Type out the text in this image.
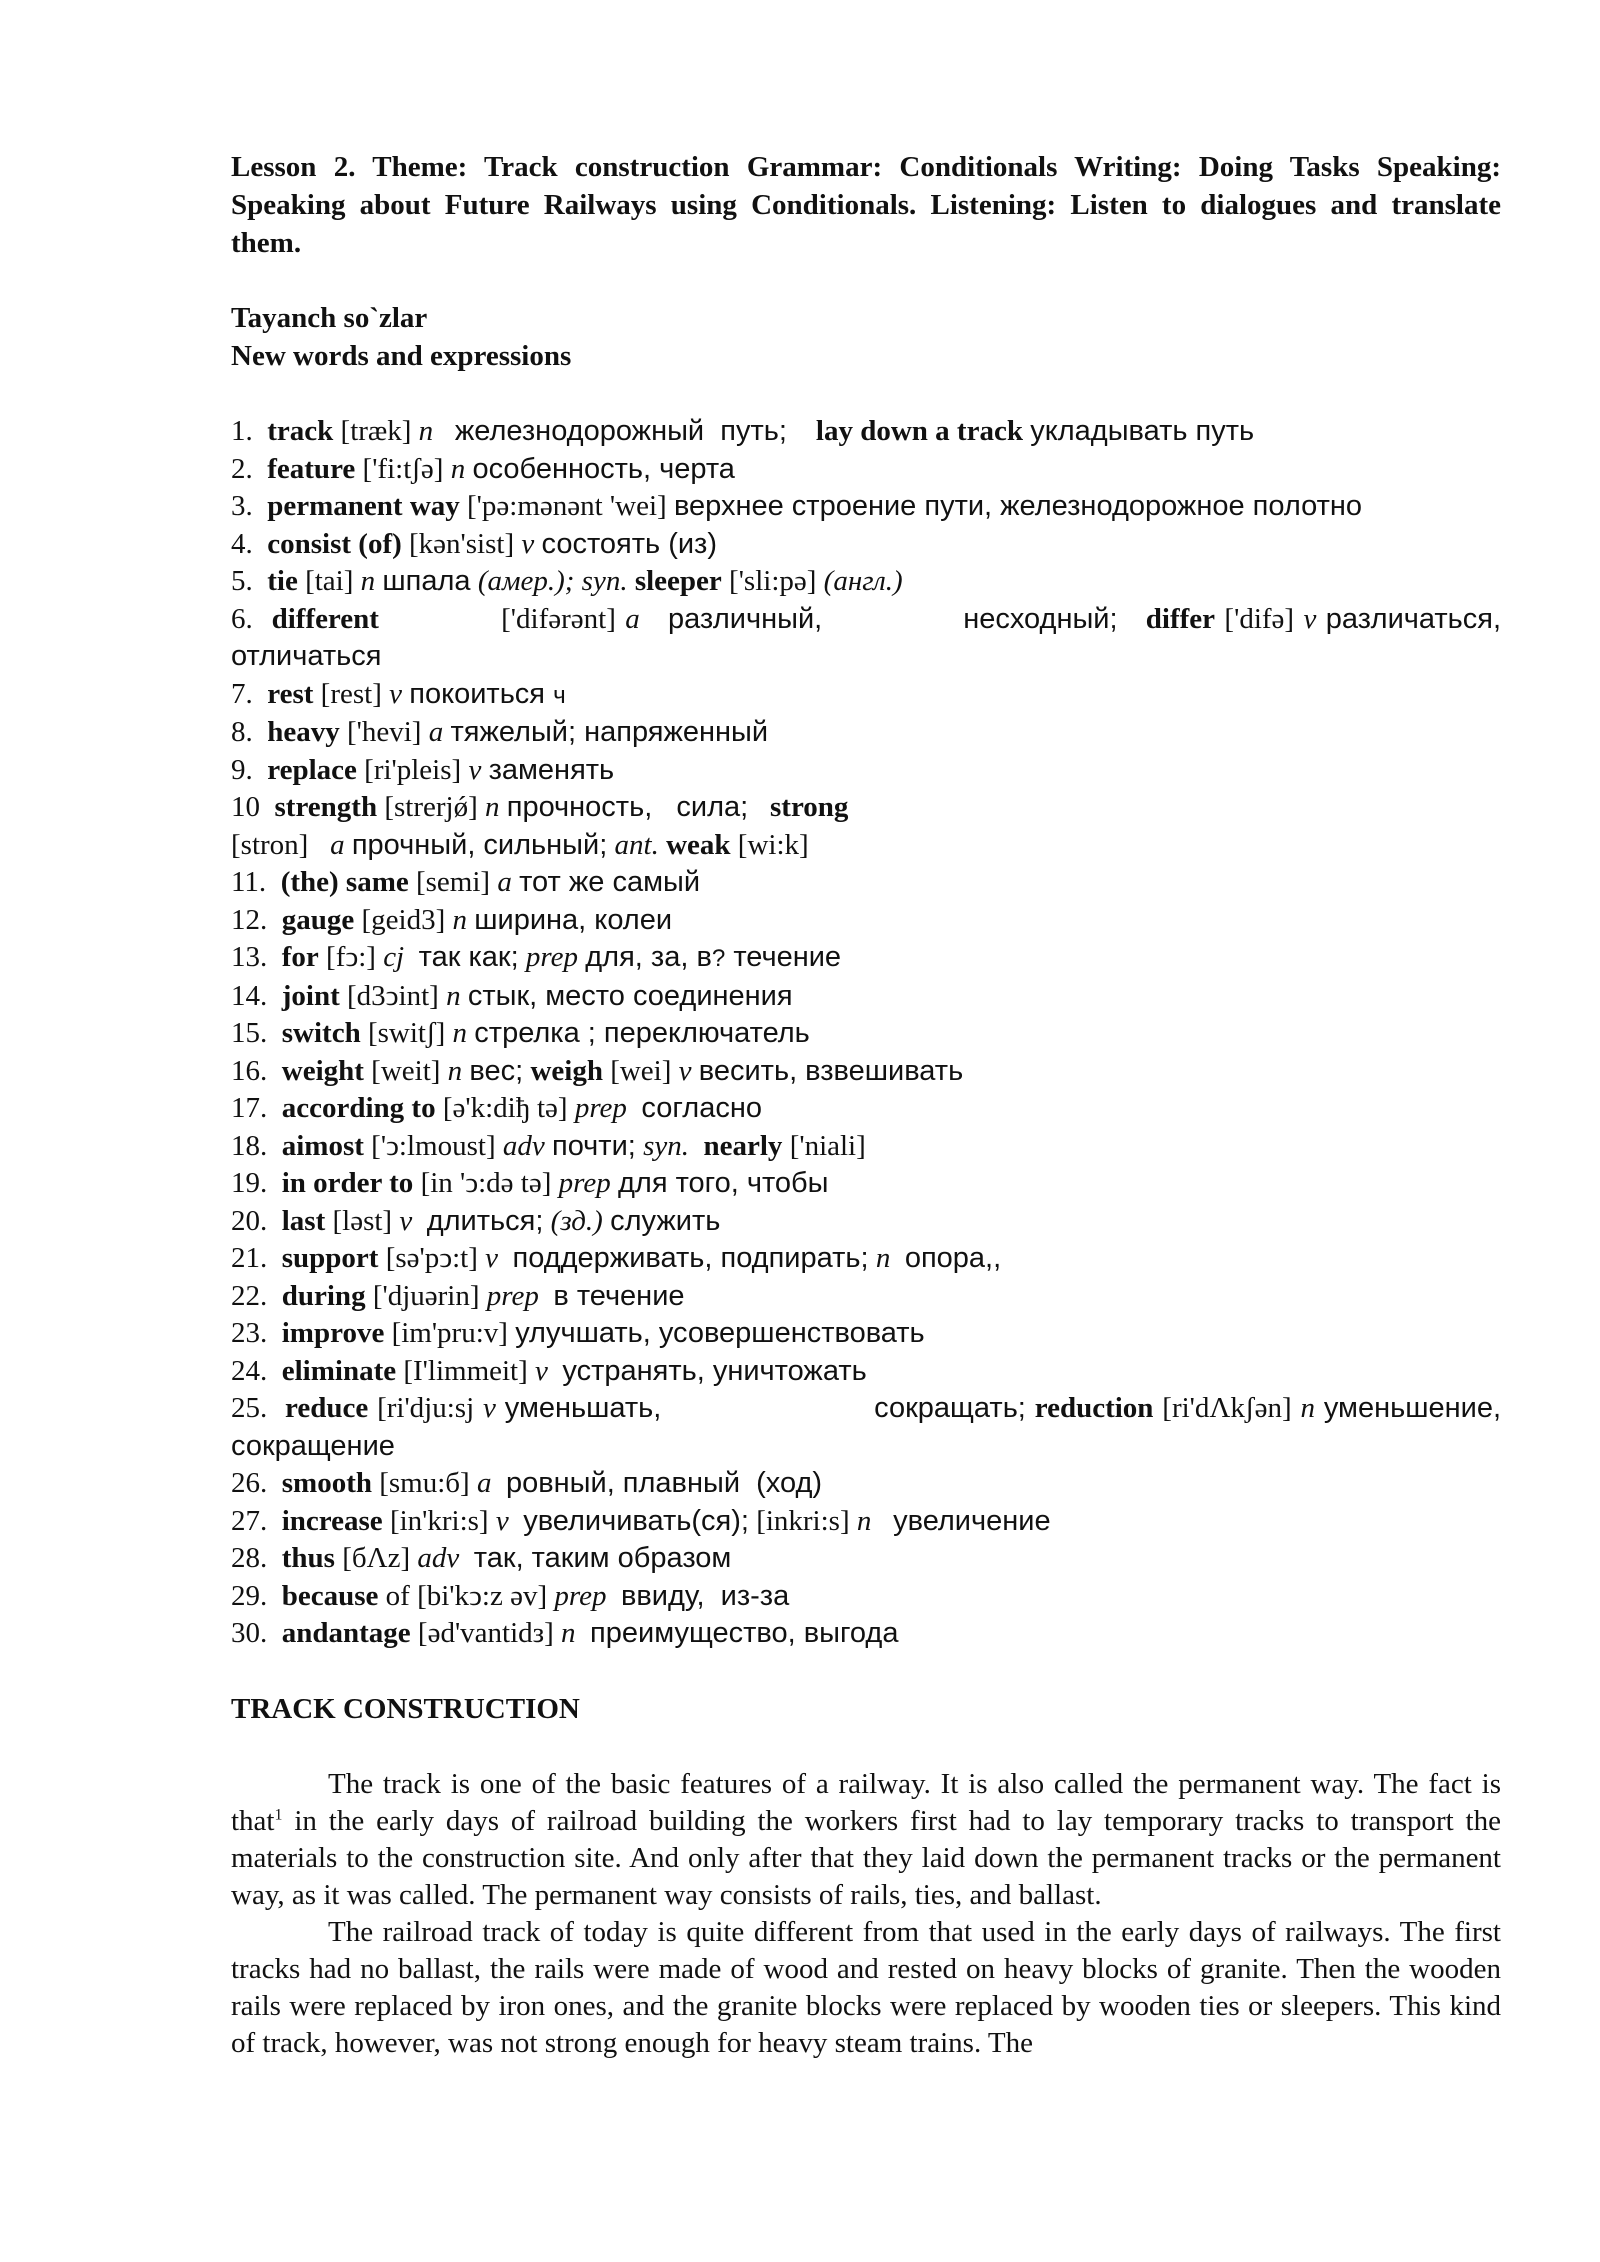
Lesson 2. Theme: Track construction Grammar: Conditionals Writing: Doing Tasks Speaking: Speaking about Future Railways using Conditionals. Listening: Listen to dialogues and translate them.

Tayanch so`zlar

New words and expressions

1. track [træk] n железнодорожный  путь; lay down a track укладывать путь
2. feature ['fi:tʃə] n особенность, черта
3. permanent way ['pə:mənənt 'wei] верхнее строение пути, железнодорожное полотно
4. consist (of) [kən'sist] v состоять (из)
5. tie [tai] n шпала (амер.); syn. sleeper ['sli:pə] (англ.)
6. different             ['difərənt] a различный,	несходный; differ ['difə] v различаться, отличаться
7. rest [rest] v покоиться ч
8. heavy ['hevi] a тяжелый; напряженный
9. replace [ri'pleis] v заменять
10 strength [strerjǿ] n прочность,   сила; strong
[stron]   a прочный, сильный; ant. weak [wi:k]
11. (the) same [semi] a тот же самый
12. gauge [geid3] n ширина, колеи
13. for [fↄ:] cj так как; prep для, за, в? течение
14. joint [d3ↄint] n стык, место соединения
15. switch [switʃ] n стрелка ; переключатель
16. weight [weit] n вес; weigh [wei] v весить, взвешивать
17. according to [ə'k:diђ tə] prep согласно
18. aimost ['ↄ:lmoust] adv почти; syn. nearly ['niali]
19. in order to [in 'ↄ:də tə] prep для того, чтобы
20. last [ləst] v длиться; (зд.) служить
21. support [sə'pↄ:t] v поддерживать, подпирать; n опора,,
22. during ['djuərin] prep в течение
23. improve [im'pru:v] улучшать, усовершенствовать
24. eliminate [I'limmeit] v устранять, уничтожать
25. reduce [ri'dju:sj v уменьшать,	сокращать; reduction [ri'dΛkʃən] n уменьшение, сокращение
26. smooth [smu:б] a ровный, плавный  (ход)
27. increase [in'kri:s] v увеличивать(ся); [inkri:s] n увеличение
28. thus [бΛz] adv так, таким образом
29. because of [bi'kↄ:z əv] prep ввиду,  из-за
30. andantage [əd'vantidз] n преимущество, выгода

TRACK CONSTRUCTION

The track is one of the basic features of a railway. It is also called the permanent way. The fact is that$^1$ in the early days of railroad building the workers first had to lay temporary tracks to transport the materials to the construction site. And only after that they laid down the permanent tracks or the permanent way, as it was called. The permanent way consists of rails, ties, and ballast.

The railroad track of today is quite different from that used in the early days of railways. The first tracks had no ballast, the rails were made of wood and rested on heavy blocks of granite. Then the wooden rails were replaced by iron ones, and the granite blocks were replaced by wooden ties or sleepers. This kind of track, however, was not strong enough for heavy steam trains. The
